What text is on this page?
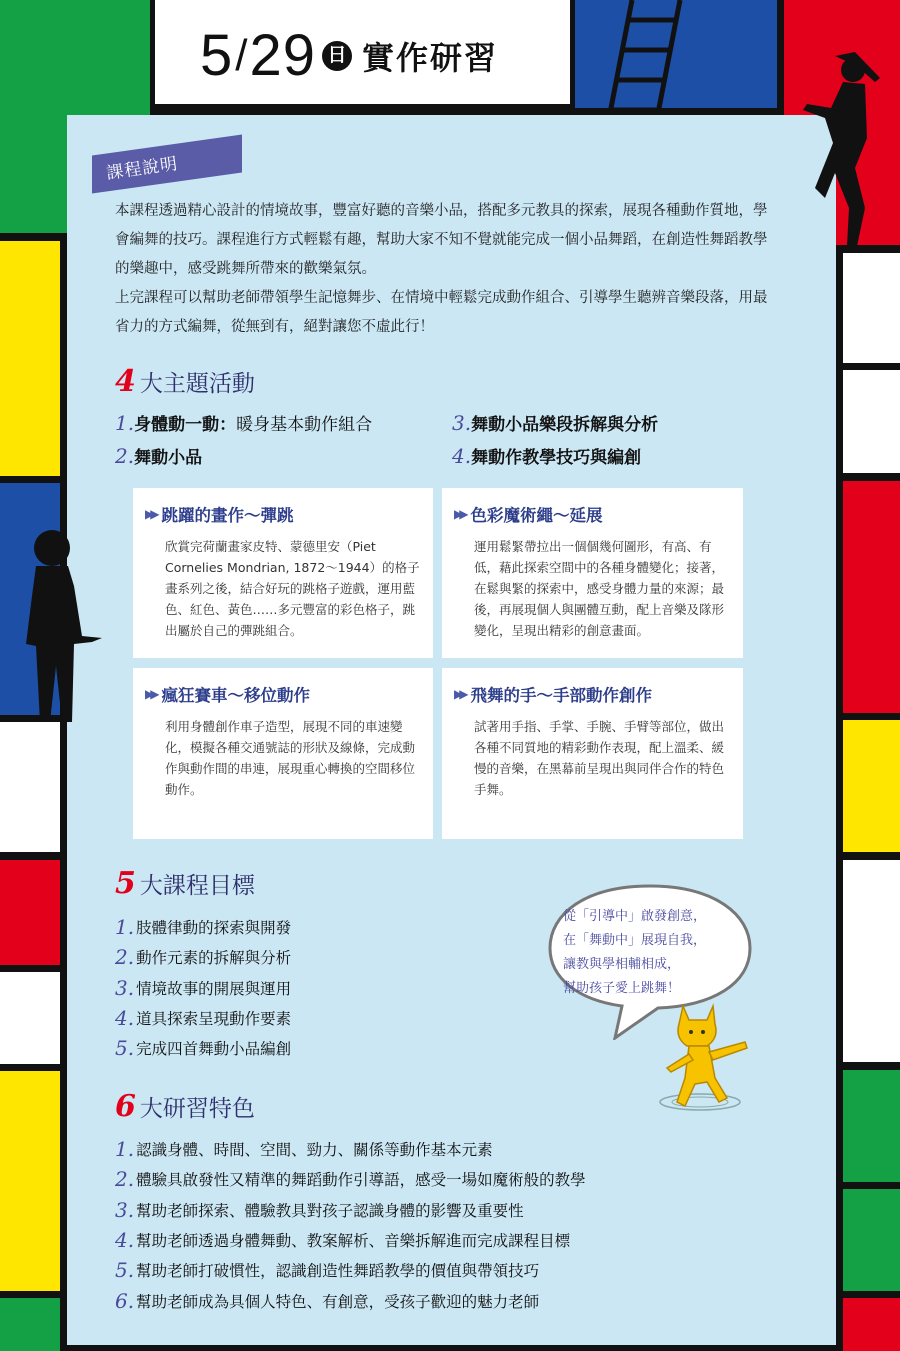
5 / 29 日 實作研習
課程說明

本課程透過精心設計的情境故事，豐富好聽的音樂小品，搭配多元教具的探索，展現各種動作質地，學會編舞的技巧。課程進行方式輕鬆有趣，幫助大家不知不覺就能完成一個小品舞蹈，在創造性舞蹈教學的樂趣中，感受跳舞所帶來的歡樂氣氛。

上完課程可以幫助老師帶領學生記憶舞步、在情境中輕鬆完成動作組合、引導學生聽辨音樂段落，用最省力的方式編舞，從無到有，絕對讓您不虛此行！

4 大主題活動
1.身體動一動：暖身基本動作組合
2.舞動小品
3.舞動小品樂段拆解與分析
4.舞動作教學技巧與編創
▶▶ 跳躍的畫作～彈跳
欣賞完荷蘭畫家皮特、蒙德里安（Piet Cornelies Mondrian, 1872～1944）的格子畫系列之後，結合好玩的跳格子遊戲，運用藍色、紅色、黃色……多元豐富的彩色格子，跳出屬於自己的彈跳組合。
▶▶ 色彩魔術繩～延展
運用鬆緊帶拉出一個個幾何圖形，有高、有低，藉此探索空間中的各種身體變化；接著，在鬆與緊的探索中，感受身體力量的來源；最後，再展現個人與團體互動，配上音樂及隊形變化，呈現出精彩的創意畫面。
▶▶ 瘋狂賽車～移位動作
利用身體創作車子造型，展現不同的車速變化，模擬各種交通號誌的形狀及線條，完成動作與動作間的串連，展現重心轉換的空間移位動作。
▶▶ 飛舞的手～手部動作創作
試著用手指、手掌、手腕、手臂等部位，做出各種不同質地的精彩動作表現，配上溫柔、緩慢的音樂，在黑幕前呈現出與同伴合作的特色手舞。
5 大課程目標
1. 肢體律動的探索與開發
2. 動作元素的拆解與分析
3. 情境故事的開展與運用
4. 道具探索呈現動作要素
5. 完成四首舞動小品編創
從「引導中」啟發創意，
在「舞動中」展現自我，
讓教與學相輔相成，
幫助孩子愛上跳舞！
6 大研習特色
1. 認識身體、時間、空間、勁力、關係等動作基本元素
2. 體驗具啟發性又精準的舞蹈動作引導語，感受一場如魔術般的教學
3. 幫助老師探索、體驗教具對孩子認識身體的影響及重要性
4. 幫助老師透過身體舞動、教案解析、音樂拆解進而完成課程目標
5. 幫助老師打破慣性，認識創造性舞蹈教學的價值與帶領技巧
6. 幫助老師成為具個人特色、有創意，受孩子歡迎的魅力老師
